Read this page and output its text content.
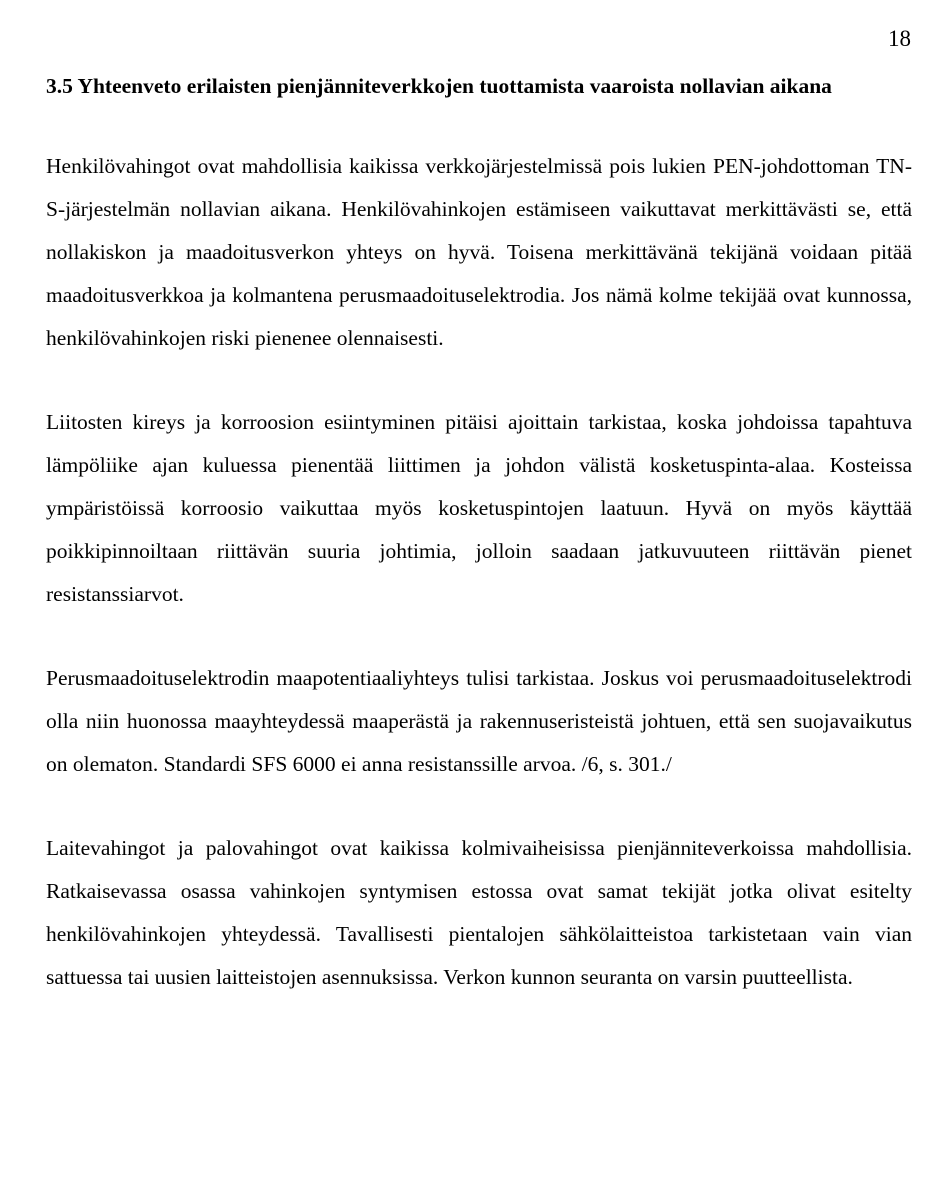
18
3.5 Yhteenveto erilaisten pienjänniteverkkojen tuottamista vaaroista nollavian aikana

Henkilövahingot ovat mahdollisia kaikissa verkkojärjestelmissä pois lukien PEN-johdottoman TN-S-järjestelmän nollavian aikana. Henkilövahinkojen estämiseen vaikuttavat merkittävästi se, että nollakiskon ja maadoitusverkon yhteys on hyvä. Toisena merkittävänä tekijänä voidaan pitää maadoitusverkkoa ja kolmantena perusmaadoituselektrodia. Jos nämä kolme tekijää ovat kunnossa, henkilövahinkojen riski pienenee olennaisesti.

Liitosten kireys ja korroosion esiintyminen pitäisi ajoittain tarkistaa, koska johdoissa tapahtuva lämpöliike ajan kuluessa pienentää liittimen ja johdon välistä kosketuspinta-alaa. Kosteissa ympäristöissä korroosio vaikuttaa myös kosketuspintojen laatuun. Hyvä on myös käyttää poikkipinnoiltaan riittävän suuria johtimia, jolloin saadaan jatkuvuuteen riittävän pienet resistanssiarvot.

Perusmaadoituselektrodin maapotentiaaliyhteys tulisi tarkistaa. Joskus voi perusmaadoituselektrodi olla niin huonossa maayhteydessä maaperästä ja rakennuseristeistä johtuen, että sen suojavaikutus on olematon. Standardi SFS 6000 ei anna resistanssille arvoa. /6, s. 301./

Laitevahingot ja palovahingot ovat kaikissa kolmivaiheisissa pienjänniteverkoissa mahdollisia. Ratkaisevassa osassa vahinkojen syntymisen estossa ovat samat tekijät jotka olivat esitelty henkilövahinkojen yhteydessä. Tavallisesti pientalojen sähkölaitteistoa tarkistetaan vain vian sattuessa tai uusien laitteistojen asennuksissa. Verkon kunnon seuranta on varsin puutteellista.
